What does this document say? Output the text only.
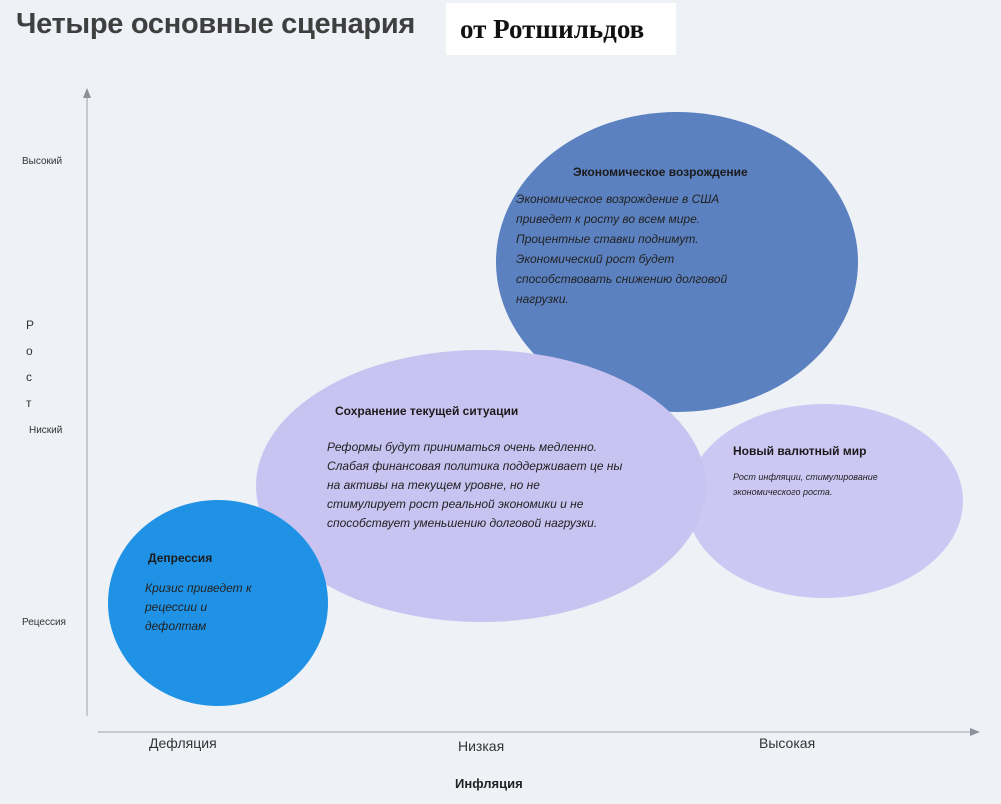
Четыре основные сценария от Ротшильдов
Высокий
Р
о
с
т
Ниский
Рецессия
Дефляция	Низкая	Высокая
Инфляция
Экономическое возрождение
Экономическое возрождение в США
приведет к росту во всем мире.
Процентные ставки поднимут.
Экономический рост будет
способствовать снижению долговой
нагрузки.
Сохранение текущей ситуации
Реформы будут приниматься очень медленно.
Слабая финансовая политика поддерживает це ны
на активы на текущем уровне, но не
стимулирует рост реальной экономики и не
способствует уменьшению долговой нагрузки.
Новый валютный мир
Рост инфляции, стимулирование
экономического роста.
Депрессия
Кризис приведет к
рецессии и
дефолтам
